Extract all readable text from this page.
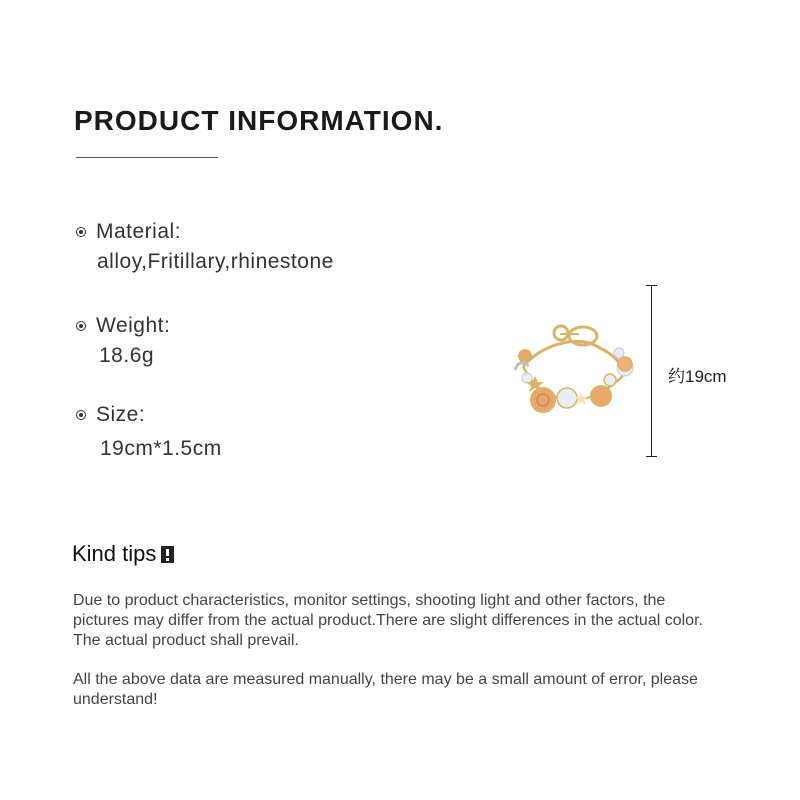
PRODUCT INFORMATION.
Material:
alloy,Fritillary,rhinestone
Weight:
18.6g
Size:
19cm*1.5cm
约19cm
Kind tips
Due to product characteristics, monitor settings, shooting light and other factors, the pictures may differ from the actual product.There are slight differences in the actual color. The actual product shall prevail.
All the above data are measured manually, there may be a small amount of error, please understand!
